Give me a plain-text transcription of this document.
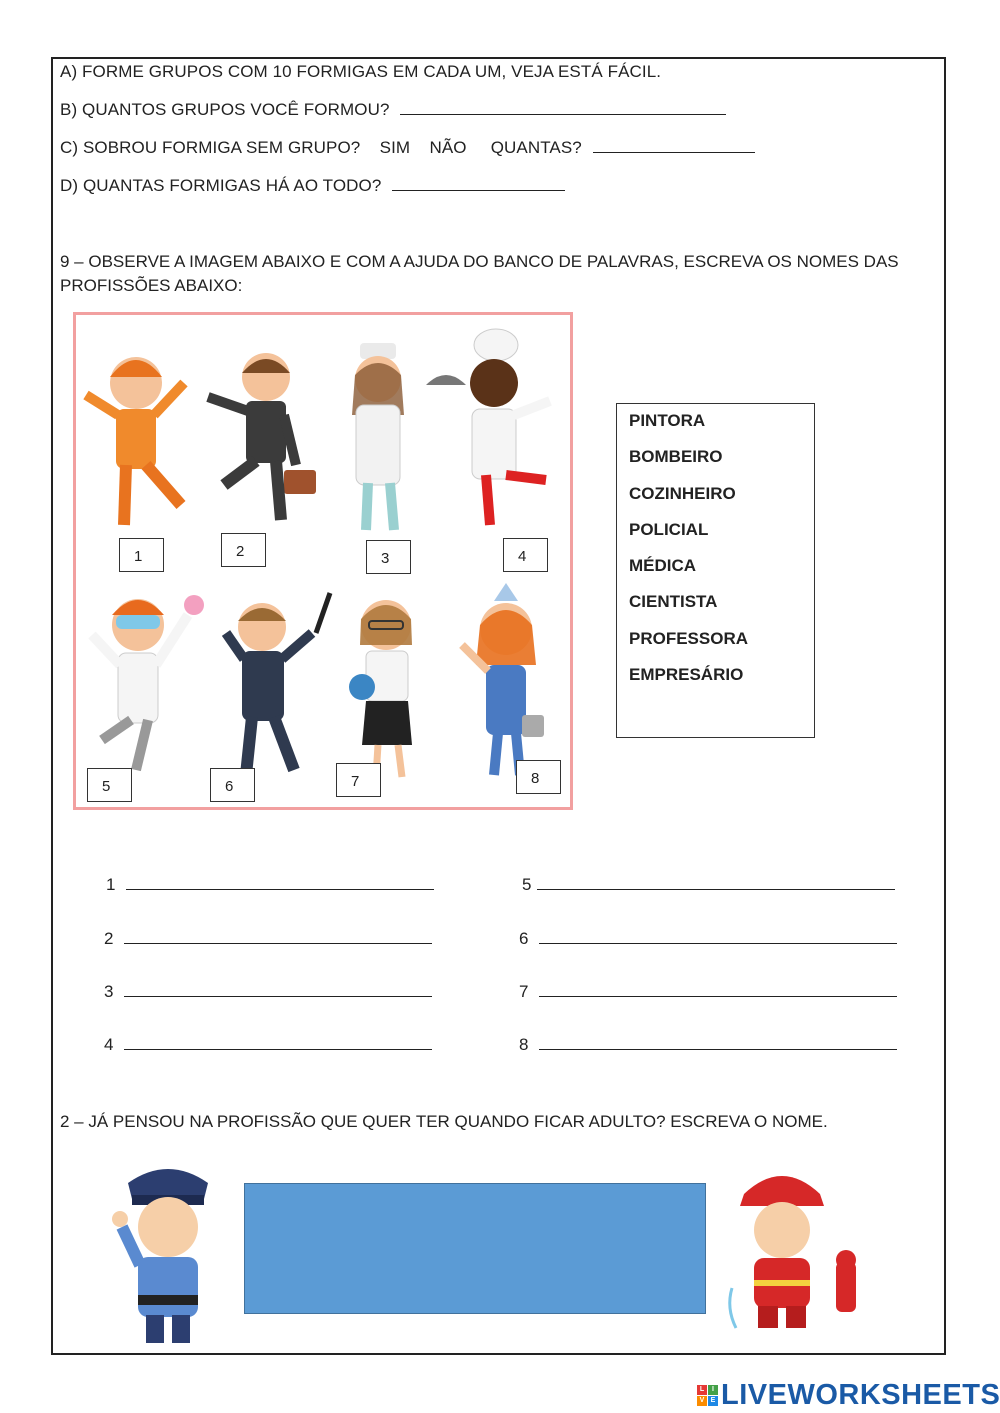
A) FORME GRUPOS COM 10 FORMIGAS EM CADA UM, VEJA ESTÁ FÁCIL.
B) QUANTOS GRUPOS VOCÊ FORMOU?
C) SOBROU FORMIGA SEM GRUPO?    SIM    NÃO     QUANTAS?
D) QUANTAS FORMIGAS HÁ AO TODO?
9 – OBSERVE A IMAGEM ABAIXO E COM A AJUDA DO BANCO DE PALAVRAS, ESCREVA OS NOMES DAS PROFISSÕES ABAIXO:
1	2	3	4
5	6	7	8
PINTORA
BOMBEIRO
COZINHEIRO
POLICIAL
MÉDICA
CIENTISTA
PROFESSORA
EMPRESÁRIO
1
2
3
4
5
6
7
8
2 – JÁ PENSOU NA PROFISSÃO QUE QUER TER QUANDO FICAR ADULTO? ESCREVA O NOME.
L	I
V E LIVEWORKSHEETS
